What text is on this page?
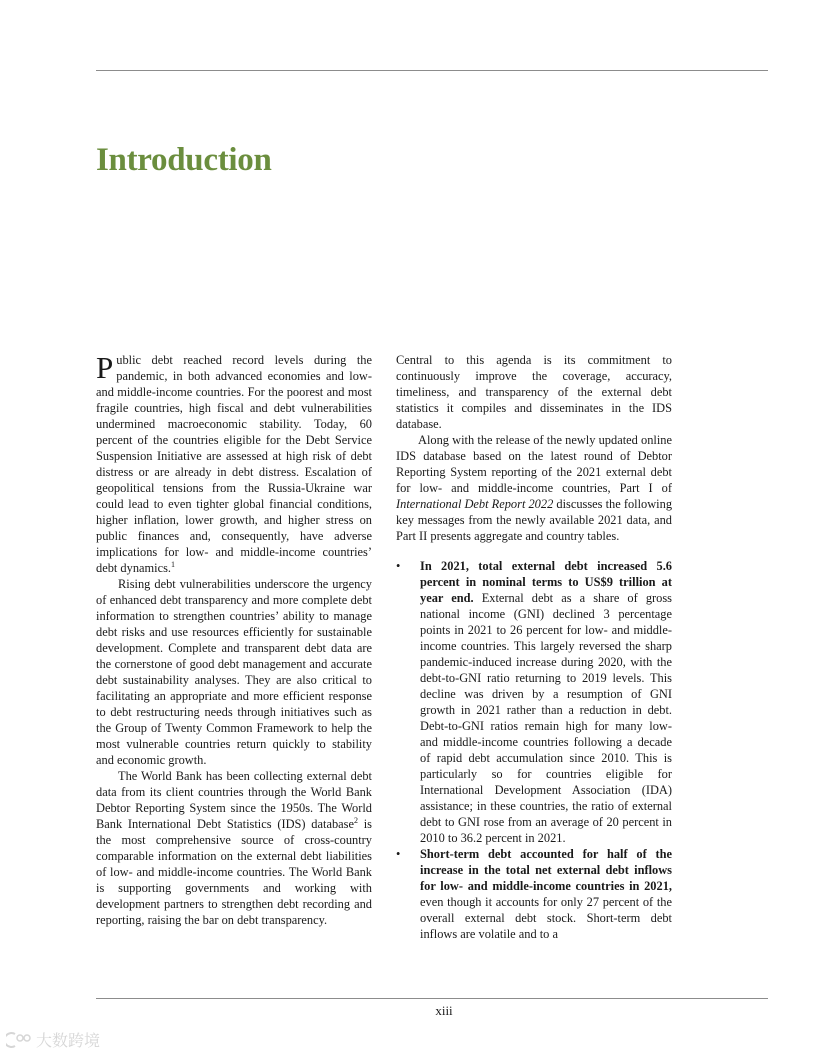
Introduction

Public debt reached record levels during the pandemic, in both advanced economies and low- and middle-income countries. For the poorest and most fragile countries, high fiscal and debt vulnerabilities undermined macroeconomic stability. Today, 60 percent of the countries eligible for the Debt Service Suspension Initiative are assessed at high risk of debt distress or are already in debt distress. Escalation of geopolitical tensions from the Russia-Ukraine war could lead to even tighter global financial conditions, higher inflation, lower growth, and higher stress on public finances and, consequently, have adverse implications for low- and middle-income countries’ debt dynamics.$^1$

Rising debt vulnerabilities underscore the urgency of enhanced debt transparency and more complete debt information to strengthen countries’ ability to manage debt risks and use resources efficiently for sustainable development. Complete and transparent debt data are the cornerstone of good debt management and accurate debt sustainability analyses. They are also critical to facilitating an appropriate and more efficient response to debt restructuring needs through initiatives such as the Group of Twenty Common Framework to help the most vulnerable countries return quickly to stability and economic growth.

The World Bank has been collecting external debt data from its client countries through the World Bank Debtor Reporting System since the 1950s. The World Bank International Debt Statistics (IDS) database$^2$ is the most comprehensive source of cross-country comparable information on the external debt liabilities of low- and middle-income countries. The World Bank is supporting governments and working with development partners to strengthen debt recording and reporting, raising the bar on debt transparency.

Central to this agenda is its commitment to continuously improve the coverage, accuracy, timeliness, and transparency of the external debt statistics it compiles and disseminates in the IDS database.

Along with the release of the newly updated online IDS database based on the latest round of Debtor Reporting System reporting of the 2021 external debt for low- and middle-income countries, Part I of International Debt Report 2022 discusses the following key messages from the newly available 2021 data, and Part II presents aggregate and country tables.

• In 2021, total external debt increased 5.6 percent in nominal terms to US$9 trillion at year end. External debt as a share of gross national income (GNI) declined 3 percentage points in 2021 to 26 percent for low- and middle-income countries. This largely reversed the sharp pandemic-induced increase during 2020, with the debt-to-GNI ratio returning to 2019 levels. This decline was driven by a resumption of GNI growth in 2021 rather than a reduction in debt. Debt-to-GNI ratios remain high for many low- and middle-income countries following a decade of rapid debt accumulation since 2010. This is particularly so for countries eligible for International Development Association (IDA) assistance; in these countries, the ratio of external debt to GNI rose from an average of 20 percent in 2010 to 36.2 percent in 2021.
• Short-term debt accounted for half of the increase in the total net external debt inflows for low- and middle-income countries in 2021, even though it accounts for only 27 percent of the overall external debt stock. Short-term debt inflows are volatile and to a
xiii
大数跨境
